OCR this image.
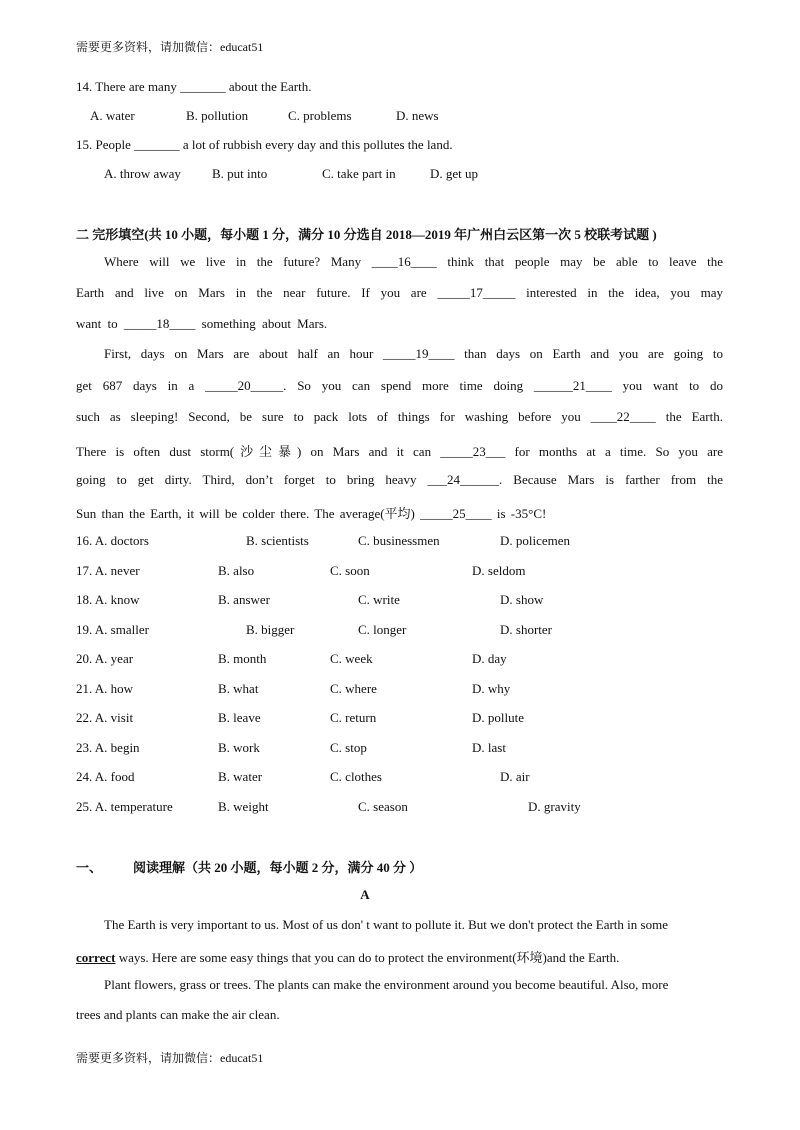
需要更多资料，请加微信：educat51
14. There are many _______ about the Earth.
A. water	B. pollution	C. problems	D. news
15. People _______ a lot of rubbish every day and this pollutes the land.
A. throw away B. put into	C. take part in	D. get up
二 完形填空(共 10 小题，每小题 1 分，满分 10 分选自 2018—2019 年广州白云区第一次 5 校联考试题 )
Where will we live in the future? Many ____16____ think that people may be able to leave the
Earth and live on Mars in the near future. If you are _____17_____ interested in the idea, you may
want to _____18____ something about Mars.
First, days on Mars are about half an hour _____19____ than days on Earth and you are going to
get 687 days in a _____20_____. So you can spend more time doing ______21____ you want to do
such as sleeping! Second, be sure to pack lots of things for washing before you ____22____ the Earth.
There is often dust storm(沙尘暴) on Mars and it can _____23___ for months at a time. So you are
going to get dirty. Third, don’t forget to bring heavy ___24______. Because Mars is farther from the
Sun than the Earth, it will be colder there. The average(平均) _____25____ is -35°C!
16. A. doctors	B. scientists	C. businessmen	D. policemen
17. A. never	B. also	C. soon	D. seldom
18. A. know	B. answer	C. write	D. show
19. A. smaller	B. bigger	C. longer	D. shorter
20. A. year	B. month	C. week	D. day
21. A. how	B. what	C. where	D. why
22. A. visit	B. leave	C. return	D. pollute
23. A. begin	B. work	C. stop	D. last
24. A. food	B. water	C. clothes	D. air
25. A. temperature	B. weight	C. season	D. gravity
一、 阅读理解（共 20 小题，每小题 2 分，满分 40 分 ）
A
The Earth is very important to us. Most of us don' t want to pollute it. But we don't protect the Earth in some
correct ways. Here are some easy things that you can do to protect the environment(环境)and the Earth.
Plant flowers, grass or trees. The plants can make the environment around you become beautiful. Also, more
trees and plants can make the air clean.
需要更多资料，请加微信：educat51
